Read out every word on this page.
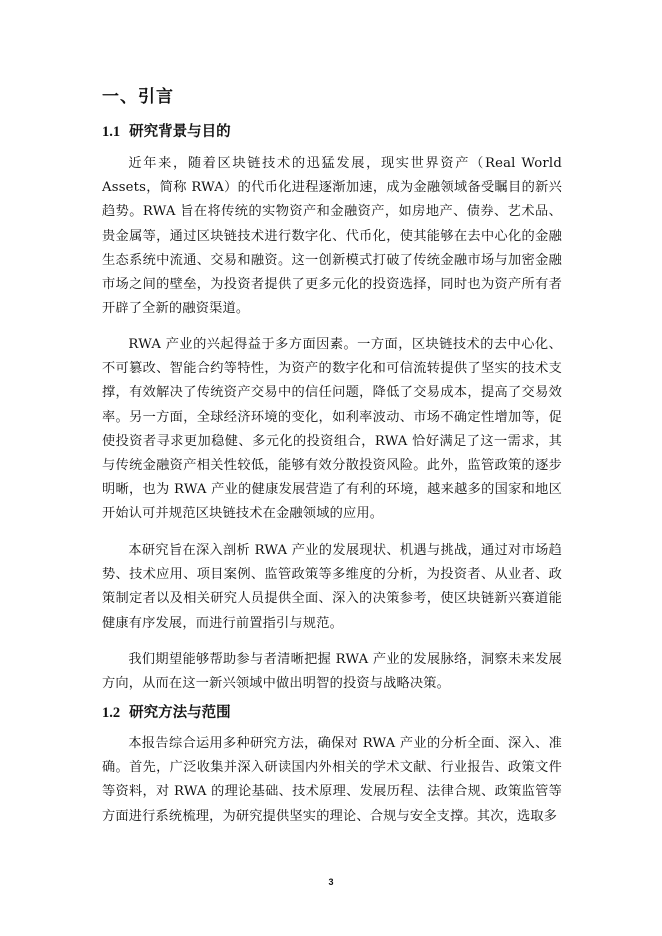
一、引言
1.1 研究背景与目的

近年来，随着区块链技术的迅猛发展，现实世界资产（Real World Assets，简称 RWA）的代币化进程逐渐加速，成为金融领域备受瞩目的新兴趋势。RWA 旨在将传统的实物资产和金融资产，如房地产、债券、艺术品、贵金属等，通过区块链技术进行数字化、代币化，使其能够在去中心化的金融生态系统中流通、交易和融资。这一创新模式打破了传统金融市场与加密金融市场之间的壁垒，为投资者提供了更多元化的投资选择，同时也为资产所有者开辟了全新的融资渠道。

RWA 产业的兴起得益于多方面因素。一方面，区块链技术的去中心化、不可篡改、智能合约等特性，为资产的数字化和可信流转提供了坚实的技术支撑，有效解决了传统资产交易中的信任问题，降低了交易成本，提高了交易效率。另一方面，全球经济环境的变化，如利率波动、市场不确定性增加等，促使投资者寻求更加稳健、多元化的投资组合，RWA 恰好满足了这一需求，其与传统金融资产相关性较低，能够有效分散投资风险。此外，监管政策的逐步明晰，也为 RWA 产业的健康发展营造了有利的环境，越来越多的国家和地区开始认可并规范区块链技术在金融领域的应用。

本研究旨在深入剖析 RWA 产业的发展现状、机遇与挑战，通过对市场趋势、技术应用、项目案例、监管政策等多维度的分析，为投资者、从业者、政策制定者以及相关研究人员提供全面、深入的决策参考，使区块链新兴赛道能健康有序发展，而进行前置指引与规范。

我们期望能够帮助参与者清晰把握 RWA 产业的发展脉络，洞察未来发展方向，从而在这一新兴领域中做出明智的投资与战略决策。

1.2 研究方法与范围

本报告综合运用多种研究方法，确保对 RWA 产业的分析全面、深入、准确。首先，广泛收集并深入研读国内外相关的学术文献、行业报告、政策文件等资料，对 RWA 的理论基础、技术原理、发展历程、法律合规、政策监管等方面进行系统梳理，为研究提供坚实的理论、合规与安全支撑。其次，选取多

3
